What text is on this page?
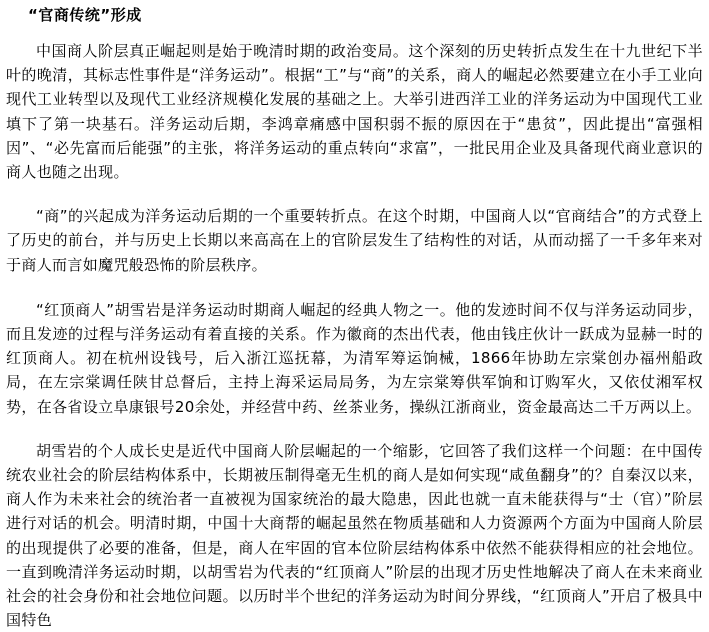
“官商传统”形成

中国商人阶层真正崛起则是始于晚清时期的政治变局。这个深刻的历史转折点发生在十九世纪下半叶的晚清，其标志性事件是“洋务运动”。根据“工”与“商”的关系，商人的崛起必然要建立在小手工业向现代工业转型以及现代工业经济规模化发展的基础之上。大举引进西洋工业的洋务运动为中国现代工业填下了第一块基石。洋务运动后期，李鸿章痛感中国积弱不振的原因在于“患贫”，因此提出“富强相因”、“必先富而后能强”的主张，将洋务运动的重点转向“求富”，一批民用企业及具备现代商业意识的商人也随之出现。

“商”的兴起成为洋务运动后期的一个重要转折点。在这个时期，中国商人以“官商结合”的方式登上了历史的前台，并与历史上长期以来高高在上的官阶层发生了结构性的对话，从而动摇了一千多年来对于商人而言如魔咒般恐怖的阶层秩序。

“红顶商人”胡雪岩是洋务运动时期商人崛起的经典人物之一。他的发迹时间不仅与洋务运动同步，而且发迹的过程与洋务运动有着直接的关系。作为徽商的杰出代表，他由钱庄伙计一跃成为显赫一时的红顶商人。初在杭州设钱号，后入浙江巡抚幕，为清军筹运饷械，1866年协助左宗棠创办福州船政局，在左宗棠调任陕甘总督后，主持上海采运局局务，为左宗棠筹供军饷和订购军火，又依仗湘军权势，在各省设立阜康银号20余处，并经营中药、丝茶业务，操纵江浙商业，资金最高达二千万两以上。

胡雪岩的个人成长史是近代中国商人阶层崛起的一个缩影，它回答了我们这样一个问题：在中国传统农业社会的阶层结构体系中，长期被压制得毫无生机的商人是如何实现“咸鱼翻身”的？自秦汉以来，商人作为未来社会的统治者一直被视为国家统治的最大隐患，因此也就一直未能获得与“士（官）”阶层进行对话的机会。明清时期，中国十大商帮的崛起虽然在物质基础和人力资源两个方面为中国商人阶层的出现提供了必要的准备，但是，商人在牢固的官本位阶层结构体系中依然不能获得相应的社会地位。一直到晚清洋务运动时期，以胡雪岩为代表的“红顶商人”阶层的出现才历史性地解决了商人在未来商业社会的社会身份和社会地位问题。以历时半个世纪的洋务运动为时间分界线，“红顶商人”开启了极具中国特色
